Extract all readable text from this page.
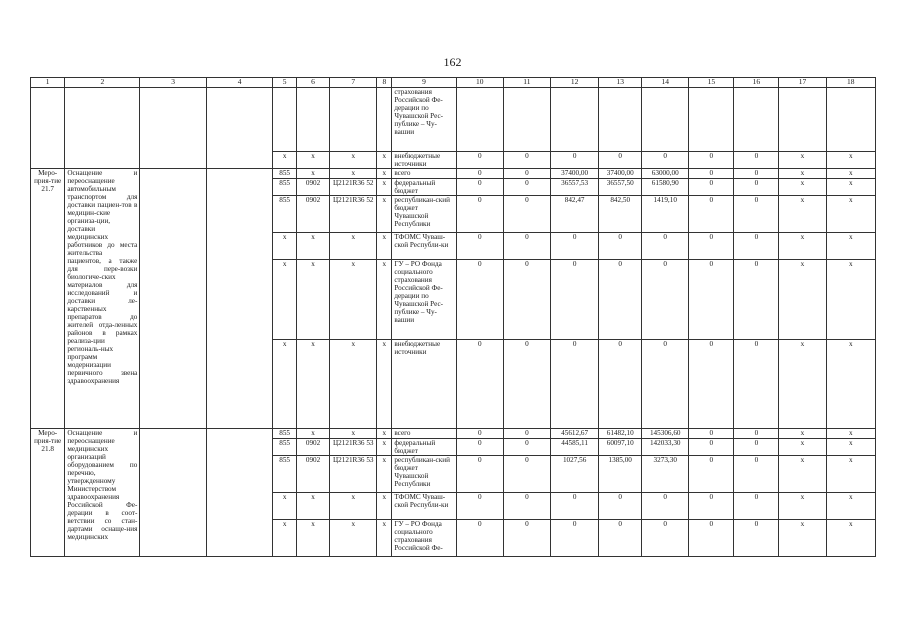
162
1	2	3	4	5	6	7	8	9	10	11	12	13	14	15	16	17	18
								страхования Российской Фе-дерации по Чувашской Рес-публике – Чу-вашии									
				x	x	x	x	внебюджетные источники	0	0	0	0	0	0	0	x	x
Меро-прия-тие 21.7	Оснащение и переоснащение автомобильным транспортом для доставки пациен-тов в медицин-ские организа-ции, доставки медицинских работников до места жительства пациентов, а также для пере-возки биологиче-ских материалов для исследований и доставки ле-карственных препаратов до жителей отда-ленных районов в рамках реализа-ции региональ-ных программ модернизации первичного звена здравоохранения			855	x	x	x	всего	0	0	37400,00	37400,00	63000,00	0	0	x	x
				855	0902	Ц2121R36 52	x	федеральный бюджет	0	0	36557,53	36557,50	61580,90	0	0	x	x
				855	0902	Ц2121R36 52	x	республикан-ский бюджет Чувашской Республики	0	0	842,47	842,50	1419,10	0	0	x	x
				x	x	x	x	ТФОМС Чуваш-ской Республи-ки	0	0	0	0	0	0	0	x	x
				x	x	x	x	ГУ – РО Фонда социального страхования Российской Фе-дерации по Чувашской Рес-публике – Чу-вашии	0	0	0	0	0	0	0	x	x
				x	x	x	x	внебюджетные источники	0	0	0	0	0	0	0	x	x
Меро-прия-тие 21.8	Оснащение и переоснащение медицинских организаций оборудованием по перечню, утвержденному Министерством здравоохранения Российской Фе-дерации в соот-ветствии со стан-дартами оснаще-ния медицинских			855	x	x	x	всего	0	0	45612,67	61482,10	145306,60	0	0	x	x
				855	0902	Ц2121R36 53	x	федеральный бюджет	0	0	44585,11	60097,10	142033,30	0	0	x	x
				855	0902	Ц2121R36 53	x	республикан-ский бюджет Чувашской Республики	0	0	1027,56	1385,00	3273,30	0	0	x	x
				x	x	x	x	ТФОМС Чуваш-ской Республи-ки	0	0	0	0	0	0	0	x	x
				x	x	x	x	ГУ – РО Фонда социального страхования Российской Фе-	0	0	0	0	0	0	0	x	x
